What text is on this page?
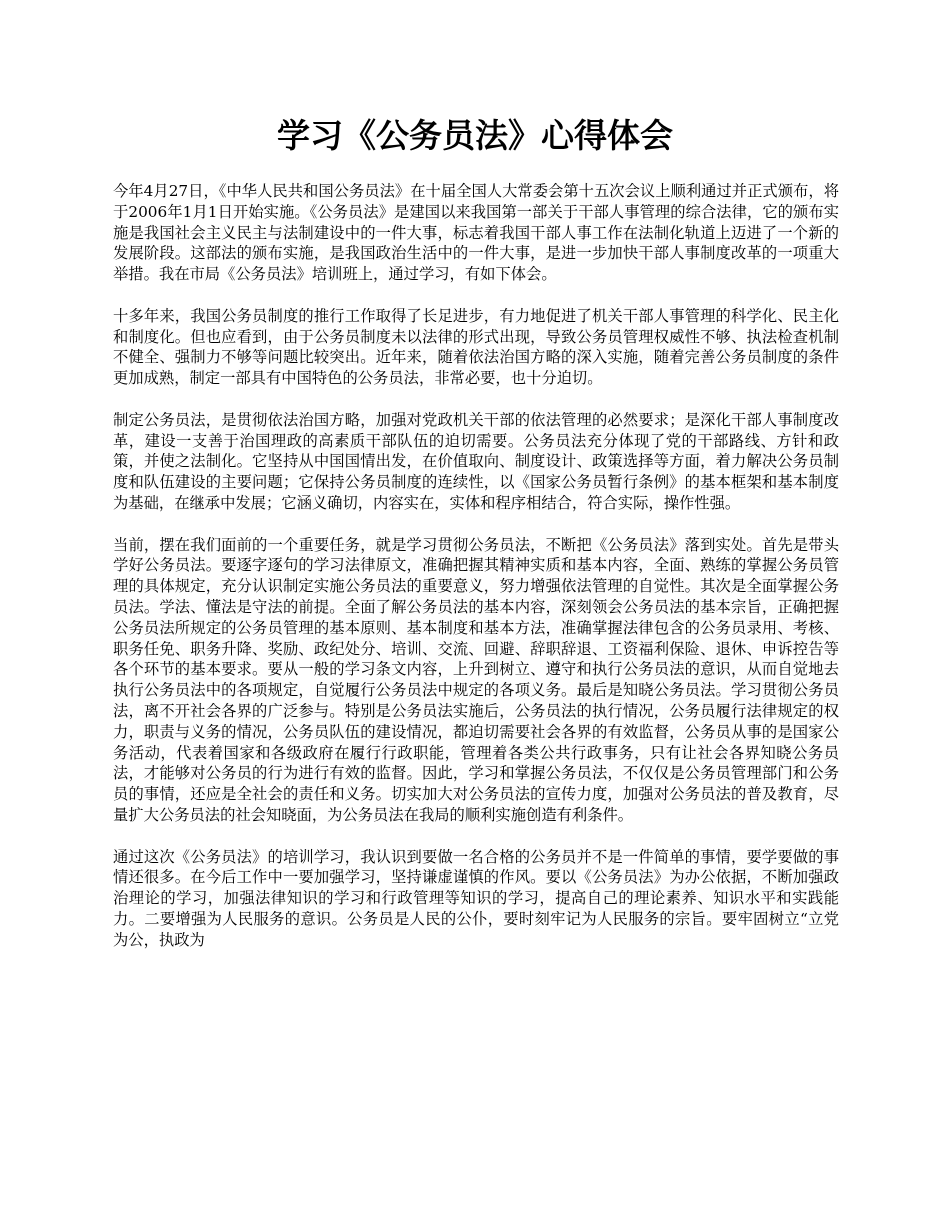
学习《公务员法》心得体会

今年4月27日，《中华人民共和国公务员法》在十届全国人大常委会第十五次会议上顺利通过并正式颁布，将于2006年1月1日开始实施。《公务员法》是建国以来我国第一部关于干部人事管理的综合法律，它的颁布实施是我国社会主义民主与法制建设中的一件大事，标志着我国干部人事工作在法制化轨道上迈进了一个新的发展阶段。这部法的颁布实施，是我国政治生活中的一件大事，是进一步加快干部人事制度改革的一项重大举措。我在市局《公务员法》培训班上，通过学习，有如下体会。

十多年来，我国公务员制度的推行工作取得了长足进步，有力地促进了机关干部人事管理的科学化、民主化和制度化。但也应看到，由于公务员制度未以法律的形式出现，导致公务员管理权威性不够、执法检查机制不健全、强制力不够等问题比较突出。近年来，随着依法治国方略的深入实施，随着完善公务员制度的条件更加成熟，制定一部具有中国特色的公务员法，非常必要，也十分迫切。

制定公务员法，是贯彻依法治国方略，加强对党政机关干部的依法管理的必然要求；是深化干部人事制度改革，建设一支善于治国理政的高素质干部队伍的迫切需要。公务员法充分体现了党的干部路线、方针和政策，并使之法制化。它坚持从中国国情出发，在价值取向、制度设计、政策选择等方面，着力解决公务员制度和队伍建设的主要问题；它保持公务员制度的连续性，以《国家公务员暂行条例》的基本框架和基本制度为基础，在继承中发展；它涵义确切，内容实在，实体和程序相结合，符合实际，操作性强。

当前，摆在我们面前的一个重要任务，就是学习贯彻公务员法，不断把《公务员法》落到实处。首先是带头学好公务员法。要逐字逐句的学习法律原文，准确把握其精神实质和基本内容，全面、熟练的掌握公务员管理的具体规定，充分认识制定实施公务员法的重要意义，努力增强依法管理的自觉性。其次是全面掌握公务员法。学法、懂法是守法的前提。全面了解公务员法的基本内容，深刻领会公务员法的基本宗旨，正确把握公务员法所规定的公务员管理的基本原则、基本制度和基本方法，准确掌握法律包含的公务员录用、考核、职务任免、职务升降、奖励、政纪处分、培训、交流、回避、辞职辞退、工资福利保险、退休、申诉控告等各个环节的基本要求。要从一般的学习条文内容，上升到树立、遵守和执行公务员法的意识，从而自觉地去执行公务员法中的各项规定，自觉履行公务员法中规定的各项义务。最后是知晓公务员法。学习贯彻公务员法，离不开社会各界的广泛参与。特别是公务员法实施后，公务员法的执行情况，公务员履行法律规定的权力，职责与义务的情况，公务员队伍的建设情况，都迫切需要社会各界的有效监督，公务员从事的是国家公务活动，代表着国家和各级政府在履行行政职能，管理着各类公共行政事务，只有让社会各界知晓公务员法，才能够对公务员的行为进行有效的监督。因此，学习和掌握公务员法，不仅仅是公务员管理部门和公务员的事情，还应是全社会的责任和义务。切实加大对公务员法的宣传力度，加强对公务员法的普及教育，尽量扩大公务员法的社会知晓面，为公务员法在我局的顺利实施创造有利条件。

通过这次《公务员法》的培训学习，我认识到要做一名合格的公务员并不是一件简单的事情，要学要做的事情还很多。在今后工作中一要加强学习，坚持谦虚谨慎的作风。要以《公务员法》为办公依据，不断加强政治理论的学习，加强法律知识的学习和行政管理等知识的学习，提高自己的理论素养、知识水平和实践能力。二要增强为人民服务的意识。公务员是人民的公仆，要时刻牢记为人民服务的宗旨。要牢固树立“立党为公，执政为
